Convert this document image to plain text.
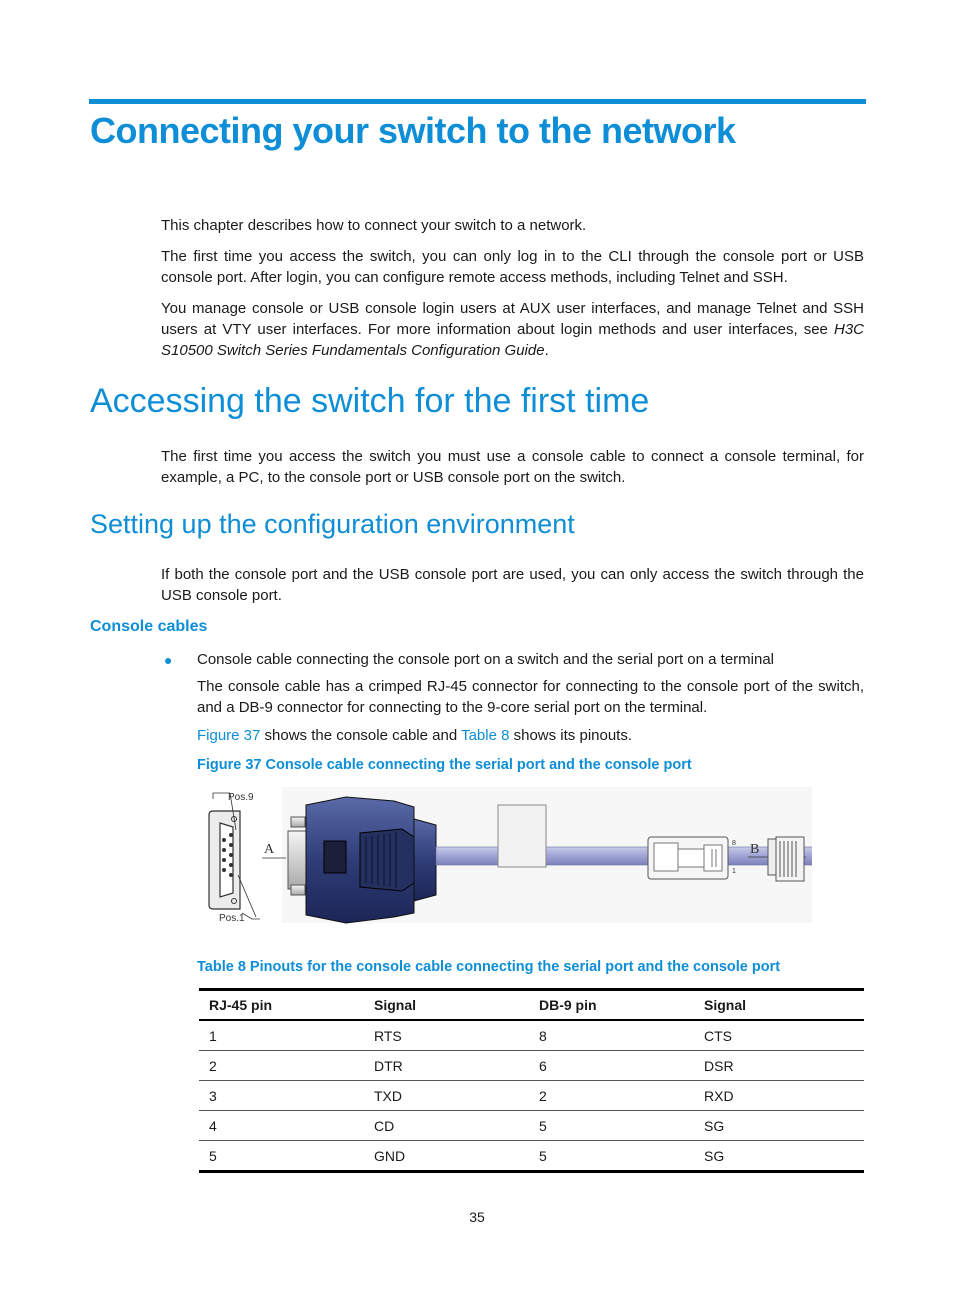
Connecting your switch to the network
This chapter describes how to connect your switch to a network.
The first time you access the switch, you can only log in to the CLI through the console port or USB console port. After login, you can configure remote access methods, including Telnet and SSH.
You manage console or USB console login users at AUX user interfaces, and manage Telnet and SSH users at VTY user interfaces. For more information about login methods and user interfaces, see H3C S10500 Switch Series Fundamentals Configuration Guide.
Accessing the switch for the first time
The first time you access the switch you must use a console cable to connect a console terminal, for example, a PC, to the console port or USB console port on the switch.
Setting up the configuration environment
If both the console port and the USB console port are used, you can only access the switch through the USB console port.
Console cables
● Console cable connecting the console port on a switch and the serial port on a terminal
The console cable has a crimped RJ-45 connector for connecting to the console port of the switch, and a DB-9 connector for connecting to the 9-core serial port on the terminal.
Figure 37 shows the console cable and Table 8 shows its pinouts.
Figure 37 Console cable connecting the serial port and the console port
Pos.9
Pos.1
A	8
1
B
Table 8 Pinouts for the console cable connecting the serial port and the console port
RJ-45 pin	Signal	DB-9 pin	Signal
1	RTS	8	CTS
2	DTR	6	DSR
3	TXD	2	RXD
4	CD	5	SG
5	GND	5	SG
35
